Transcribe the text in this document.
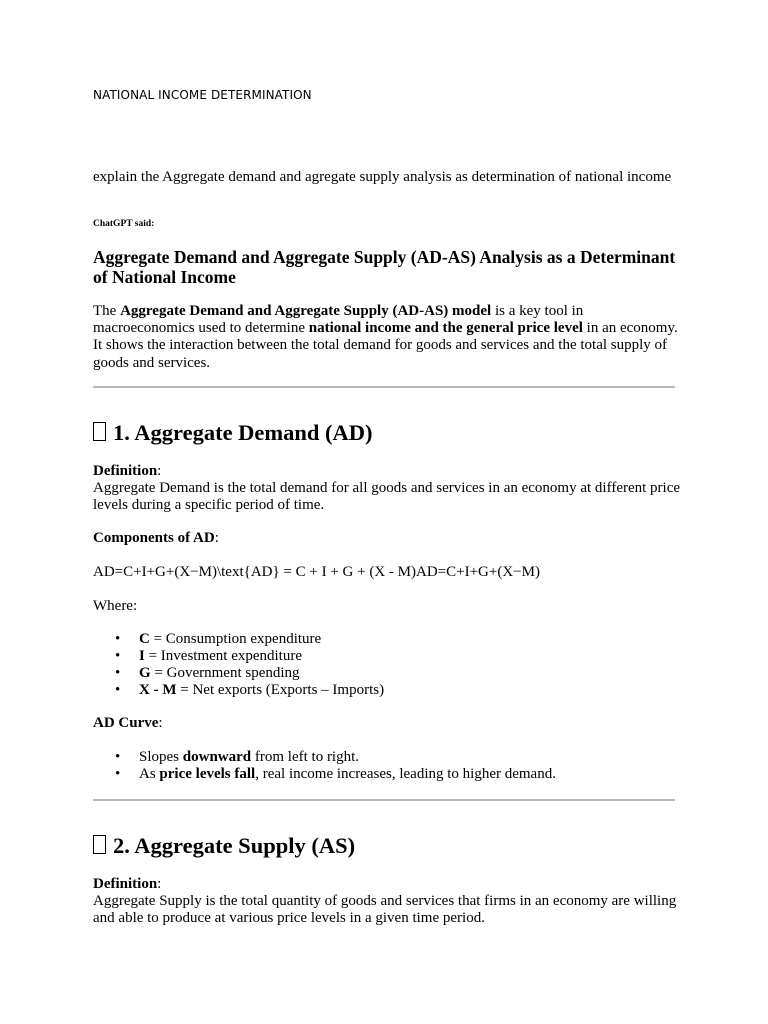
NATIONAL INCOME DETERMINATION
explain the Aggregate demand and agregate supply analysis as determination of national income
ChatGPT said:
Aggregate Demand and Aggregate Supply (AD-AS) Analysis as a Determinant of National Income
The Aggregate Demand and Aggregate Supply (AD-AS) model is a key tool in macroeconomics used to determine national income and the general price level in an economy. It shows the interaction between the total demand for goods and services and the total supply of goods and services.
1. Aggregate Demand (AD)
Definition:
Aggregate Demand is the total demand for all goods and services in an economy at different price levels during a specific period of time.
Components of AD:
AD=C+I+G+(X−M)\text{AD} = C + I + G + (X - M)AD=C+I+G+(X−M)
Where:
• C = Consumption expenditure
• I = Investment expenditure
• G = Government spending
• X - M = Net exports (Exports – Imports)
AD Curve:
• Slopes downward from left to right.
• As price levels fall, real income increases, leading to higher demand.
2. Aggregate Supply (AS)
Definition:
Aggregate Supply is the total quantity of goods and services that firms in an economy are willing and able to produce at various price levels in a given time period.
